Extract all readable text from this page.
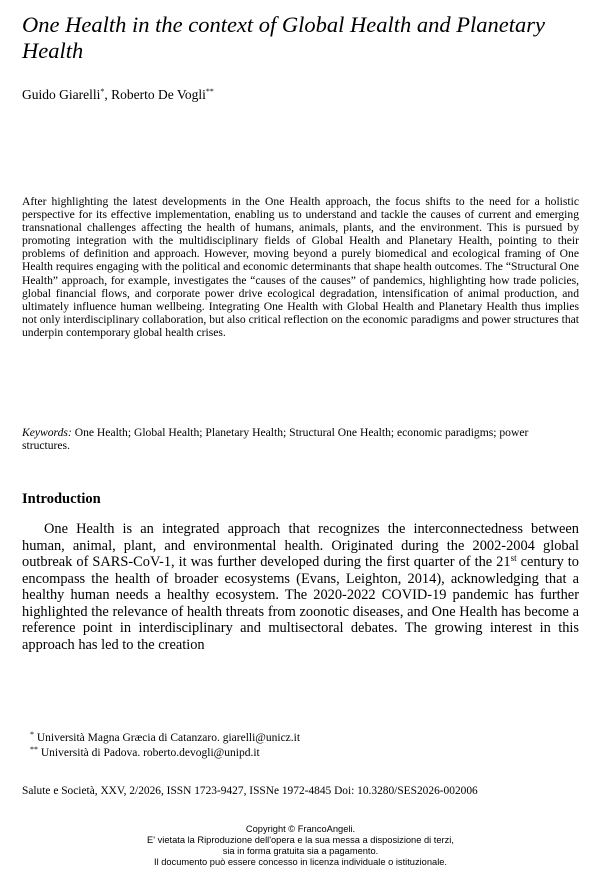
One Health in the context of Global Health and Planetary Health
Guido Giarelli*, Roberto De Vogli**

After highlighting the latest developments in the One Health approach, the focus shifts to the need for a holistic perspective for its effective implementation, enabling us to understand and tackle the causes of current and emerging transnational challenges affecting the health of humans, animals, plants, and the environment. This is pursued by promoting integration with the multidisciplinary fields of Global Health and Planetary Health, pointing to their problems of definition and approach. However, moving beyond a purely biomedical and ecological framing of One Health requires engaging with the political and economic determinants that shape health outcomes. The “Structural One Health” approach, for example, investigates the “causes of the causes” of pandemics, highlighting how trade policies, global financial flows, and corporate power drive ecological degradation, intensification of animal production, and ultimately influence human wellbeing. Integrating One Health with Global Health and Planetary Health thus implies not only interdisciplinary collaboration, but also critical reflection on the economic paradigms and power structures that underpin contemporary global health crises.

Keywords: One Health; Global Health; Planetary Health; Structural One Health; economic paradigms; power structures.

Introduction

One Health is an integrated approach that recognizes the interconnectedness between human, animal, plant, and environmental health. Originated during the 2002-2004 global outbreak of SARS-CoV-1, it was further developed during the first quarter of the 21st century to encompass the health of broader ecosystems (Evans, Leighton, 2014), acknowledging that a healthy human needs a healthy ecosystem. The 2020-2022 COVID-19 pandemic has further highlighted the relevance of health threats from zoonotic diseases, and One Health has become a reference point in interdisciplinary and multisectoral debates. The growing interest in this approach has led to the creation

* Università Magna Græcia di Catanzaro. giarelli@unicz.it
** Università di Padova. roberto.devogli@unipd.it
Salute e Società, XXV, 2/2026, ISSN 1723-9427, ISSNe 1972-4845 Doi: 10.3280/SES2026-002006
Copyright © FrancoAngeli.
E' vietata la Riproduzione dell'opera e la sua messa a disposizione di terzi,
sia in forma gratuita sia a pagamento.
Il documento può essere concesso in licenza individuale o istituzionale.
